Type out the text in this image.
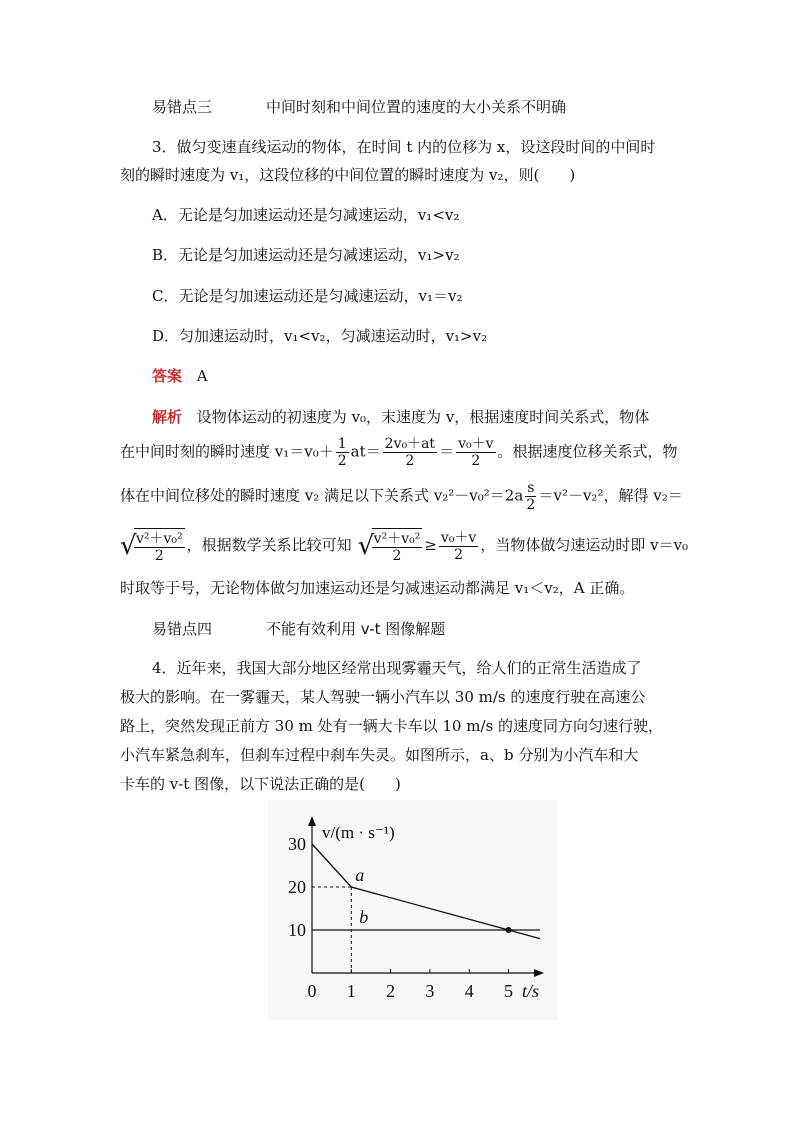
易错点三	中间时刻和中间位置的速度的大小关系不明确
3．做匀变速直线运动的物体，在时间 t 内的位移为 x，设这段时间的中间时
刻的瞬时速度为 v₁，这段位移的中间位置的瞬时速度为 v₂，则(　　)
A．无论是匀加速运动还是匀减速运动，v₁<v₂
B．无论是匀加速运动还是匀减速运动，v₁>v₂
C．无论是匀加速运动还是匀减速运动，v₁＝v₂
D．匀加速运动时，v₁<v₂，匀减速运动时，v₁>v₂
答案 A
解析 设物体运动的初速度为 v₀，末速度为 v，根据速度时间关系式，物体
在中间时刻的瞬时速度 $v_1=v_0+ \frac{1}{2} at= \frac{\text{2v₀＋at}}{2} = \frac{\text{v₀＋v}}{2}$ 。根据速度位移关系式，物
体在中间位移处的瞬时速度 v₂ 满足以下关系式 $v_2^2-v_0^2=2a \frac{s}{2} =v^2-v_2^2$，解得 v₂＝
√
$\frac{\text{v²＋v₀²}}{2}$ ，根据数学关系比较可知 √
$\frac{\text{v²＋v₀²}}{2} \ge \frac{\text{v₀＋v}}{2}$ ，当物体做匀速运动时即 v＝v₀
时取等于号，无论物体做匀加速运动还是匀减速运动都满足 v₁＜v₂，A 正确。
易错点四	不能有效利用 v-t 图像解题
4．近年来，我国大部分地区经常出现雾霾天气，给人们的正常生活造成了
极大的影响。在一雾霾天，某人驾驶一辆小汽车以 30 m/s 的速度行驶在高速公
路上，突然发现正前方 30 m 处有一辆大卡车以 10 m/s 的速度同方向匀速行驶，
小汽车紧急刹车，但刹车过程中刹车失灵。如图所示，a、b 分别为小汽车和大
卡车的 v-t 图像，以下说法正确的是(　　)
0 1 2 3 4 5
10
20
30
t/s
v/(m · s⁻¹)
a
b
